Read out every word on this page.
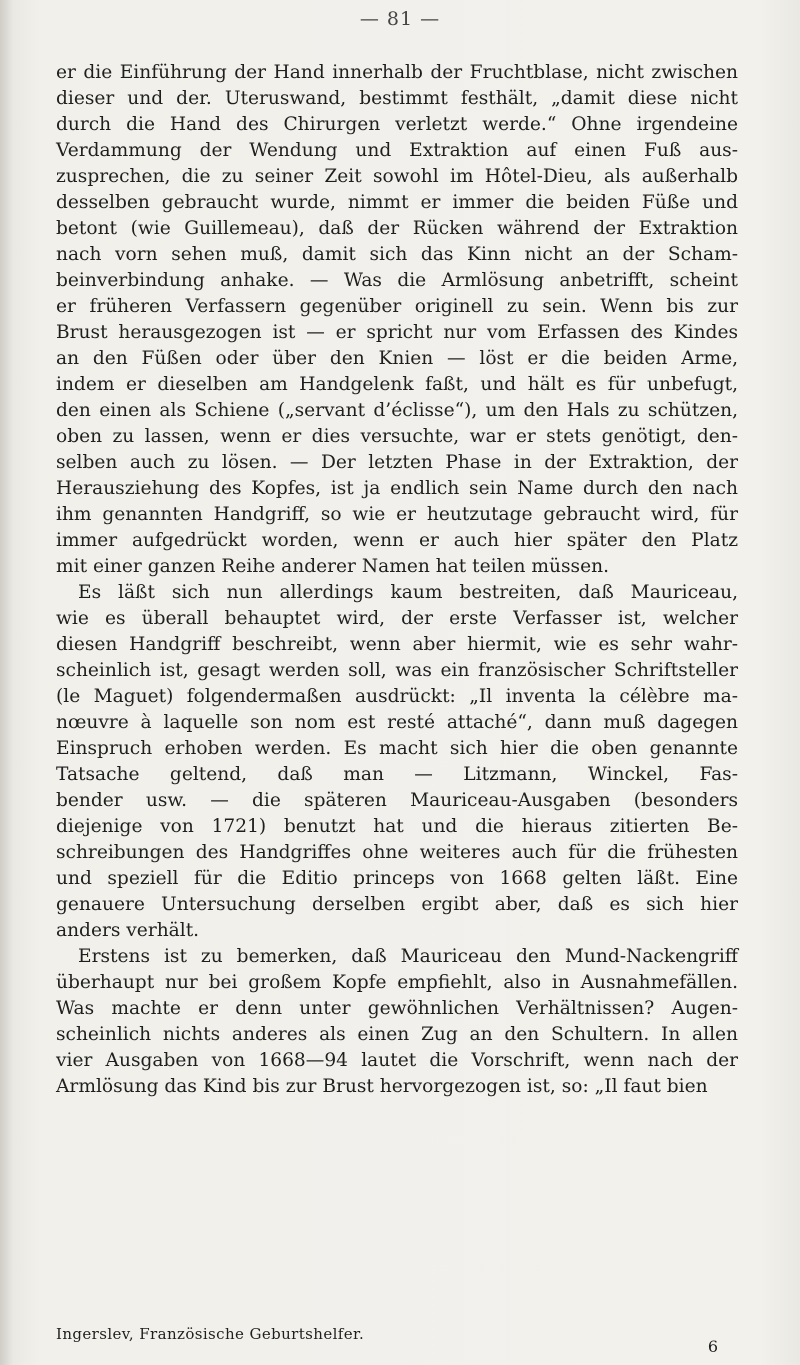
— 81 —

er die Einführung der Hand innerhalb der Fruchtblase, nicht zwischen

dieser und der. Uteruswand, bestimmt festhält, „damit diese nicht

durch die Hand des Chirurgen verletzt werde.“ Ohne irgendeine

Verdammung der Wendung und Extraktion auf einen Fuß aus-

zusprechen, die zu seiner Zeit sowohl im Hôtel-Dieu, als außerhalb

desselben gebraucht wurde, nimmt er immer die beiden Füße und

betont (wie Guillemeau), daß der Rücken während der Extraktion

nach vorn sehen muß, damit sich das Kinn nicht an der Scham-

beinverbindung anhake. — Was die Armlösung anbetrifft, scheint

er früheren Verfassern gegenüber originell zu sein. Wenn bis zur

Brust herausgezogen ist — er spricht nur vom Erfassen des Kindes

an den Füßen oder über den Knien — löst er die beiden Arme,

indem er dieselben am Handgelenk faßt, und hält es für unbefugt,

den einen als Schiene („servant d’éclisse“), um den Hals zu schützen,

oben zu lassen, wenn er dies versuchte, war er stets genötigt, den-

selben auch zu lösen. — Der letzten Phase in der Extraktion, der

Herausziehung des Kopfes, ist ja endlich sein Name durch den nach

ihm genannten Handgriff, so wie er heutzutage gebraucht wird, für

immer aufgedrückt worden, wenn er auch hier später den Platz

mit einer ganzen Reihe anderer Namen hat teilen müssen.

Es läßt sich nun allerdings kaum bestreiten, daß Mauriceau,

wie es überall behauptet wird, der erste Verfasser ist, welcher

diesen Handgriff beschreibt, wenn aber hiermit, wie es sehr wahr-

scheinlich ist, gesagt werden soll, was ein französischer Schriftsteller

(le Maguet) folgendermaßen ausdrückt: „Il inventa la célèbre ma-

nœuvre à laquelle son nom est resté attaché“, dann muß dagegen

Einspruch erhoben werden. Es macht sich hier die oben genannte

Tatsache geltend, daß man — Litzmann, Winckel, Fas-

bender usw. — die späteren Mauriceau-Ausgaben (besonders

diejenige von 1721) benutzt hat und die hieraus zitierten Be-

schreibungen des Handgriffes ohne weiteres auch für die frühesten

und speziell für die Editio princeps von 1668 gelten läßt. Eine

genauere Untersuchung derselben ergibt aber, daß es sich hier

anders verhält.

Erstens ist zu bemerken, daß Mauriceau den Mund-Nackengriff

überhaupt nur bei großem Kopfe empfiehlt, also in Ausnahmefällen.

Was machte er denn unter gewöhnlichen Verhältnissen? Augen-

scheinlich nichts anderes als einen Zug an den Schultern. In allen

vier Ausgaben von 1668—94 lautet die Vorschrift, wenn nach der

Armlösung das Kind bis zur Brust hervorgezogen ist, so: „Il faut bien

Ingerslev, Französische Geburtshelfer.
6
